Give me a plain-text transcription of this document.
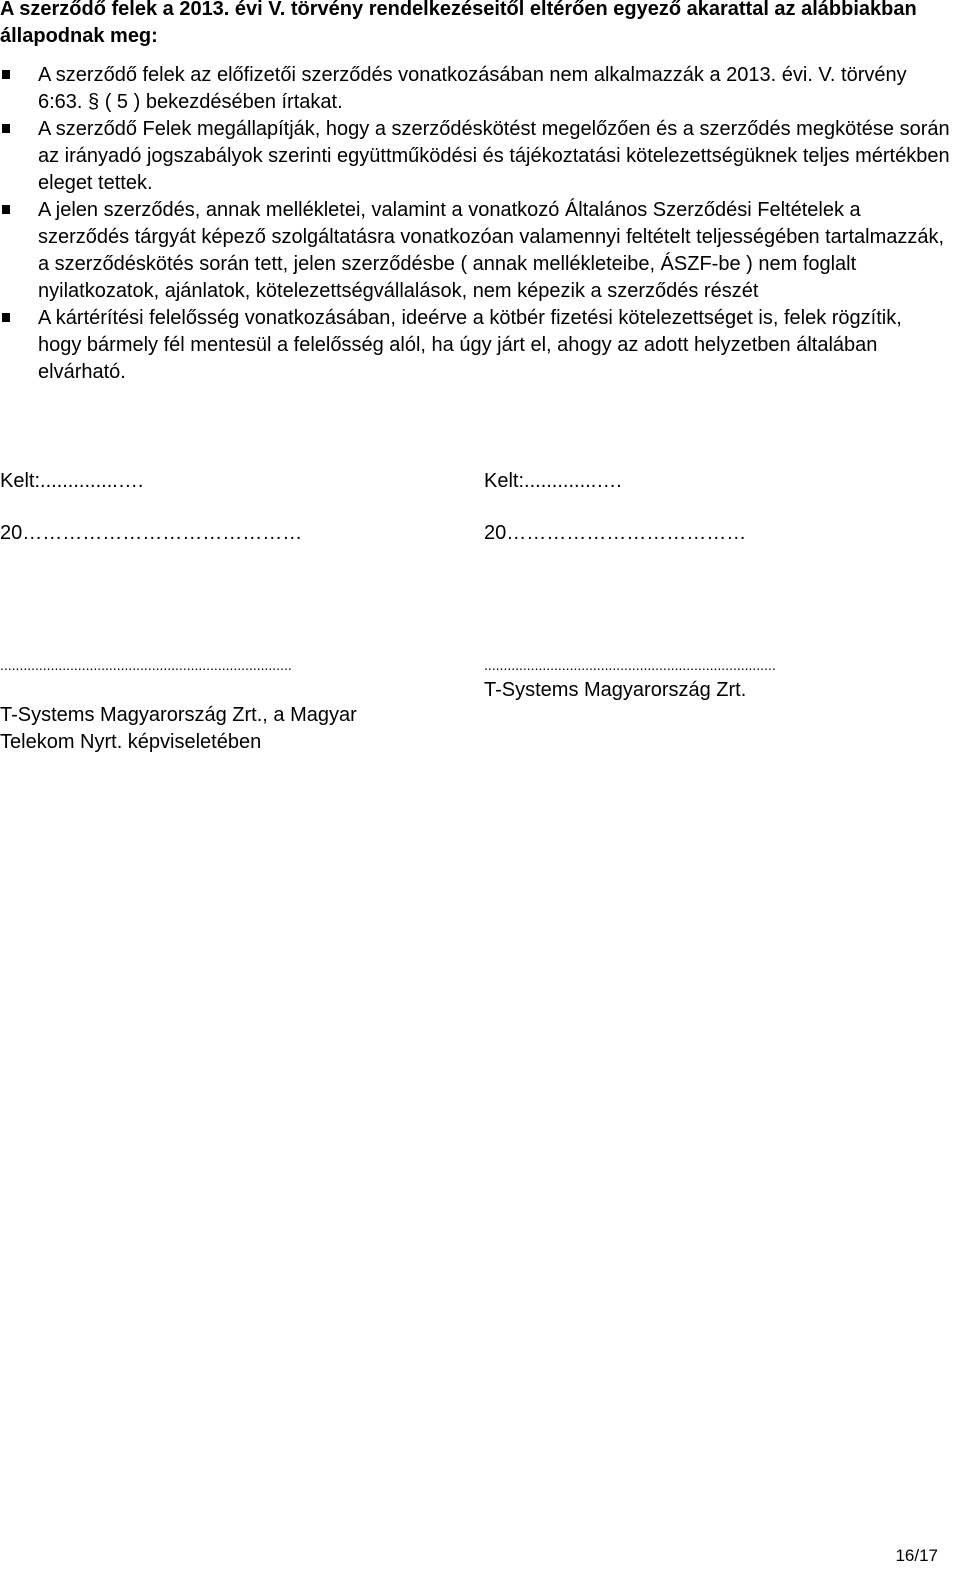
A szerződő felek a 2013. évi V. törvény rendelkezéseitől eltérően egyező akarattal az alábbiakban állapodnak meg:
A szerződő felek az előfizetői szerződés vonatkozásában nem alkalmazzák a 2013. évi. V. törvény 6:63. § ( 5 ) bekezdésében írtakat.
A szerződő Felek megállapítják, hogy a szerződéskötést megelőzően és a szerződés megkötése során az irányadó jogszabályok szerinti együttműködési és tájékoztatási kötelezettségüknek teljes mértékben eleget tettek.
A jelen szerződés, annak mellékletei, valamint a vonatkozó Általános Szerződési Feltételek a szerződés tárgyát képező szolgáltatásra vonatkozóan valamennyi feltételt teljességében tartalmazzák, a szerződéskötés során tett, jelen szerződésbe ( annak mellékleteibe, ÁSZF-be ) nem foglalt nyilatkozatok, ajánlatok, kötelezettségvállalások, nem képezik a szerződés részét
A kártérítési felelősség vonatkozásában, ideérve a kötbér fizetési kötelezettséget is, felek rögzítik, hogy bármely fél mentesül a felelősség alól, ha úgy járt el, ahogy az adott helyzetben általában elvárható.
Kelt:..............….
20……………………………………
...........................................................................
T-Systems Magyarország Zrt., a Magyar
Telekom Nyrt. képviseletében
Kelt:.............….
20………………………………
...........................................................................
T-Systems Magyarország Zrt.
16/17
